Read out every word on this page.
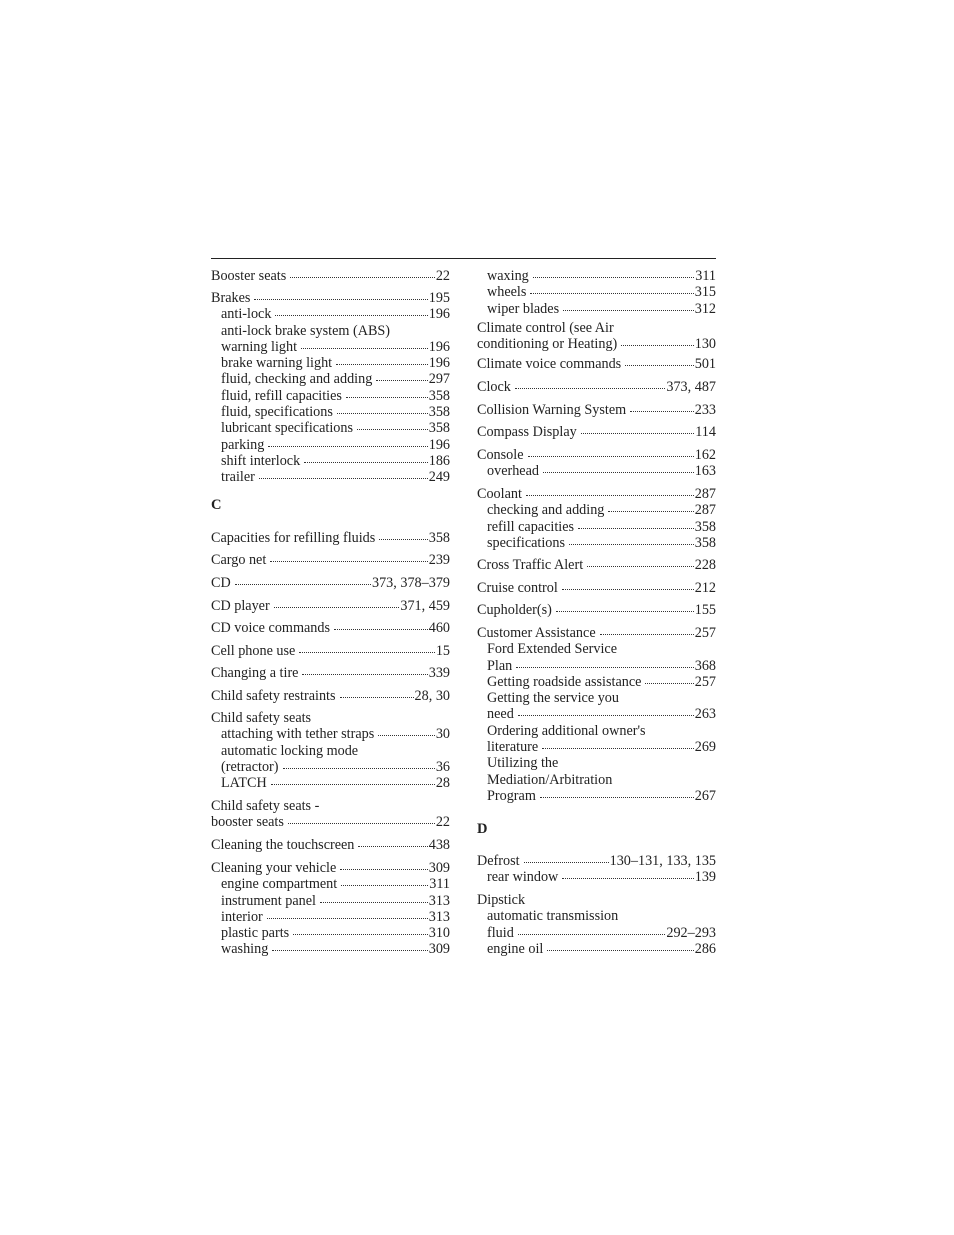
Booster seats	22
Brakes	195
anti-lock	196
anti-lock brake system (ABS)
warning light	196
brake warning light	196
fluid, checking and adding	297
fluid, refill capacities	358
fluid, specifications	358
lubricant specifications	358
parking	196
shift interlock	186
trailer	249
C
Capacities for refilling fluids	358
Cargo net	239
CD	373, 378–379
CD player	371, 459
CD voice commands	460
Cell phone use	15
Changing a tire	339
Child safety restraints	28, 30
Child safety seats
attaching with tether straps	30
automatic locking mode
(retractor)	36
LATCH	28
Child safety seats -
booster seats	22
Cleaning the touchscreen	438
Cleaning your vehicle	309
engine compartment	311
instrument panel	313
interior	313
plastic parts	310
washing	309
waxing	311
wheels	315
wiper blades	312
Climate control (see Air
conditioning or Heating)	130
Climate voice commands	501
Clock	373, 487
Collision Warning System	233
Compass Display	114
Console	162
overhead	163
Coolant	287
checking and adding	287
refill capacities	358
specifications	358
Cross Traffic Alert	228
Cruise control	212
Cupholder(s)	155
Customer Assistance	257
Ford Extended Service
Plan	368
Getting roadside assistance	257
Getting the service you
need	263
Ordering additional owner's
literature	269
Utilizing the
Mediation/Arbitration
Program	267
D
Defrost	130–131, 133, 135
rear window	139
Dipstick
automatic transmission
fluid	292–293
engine oil	286
